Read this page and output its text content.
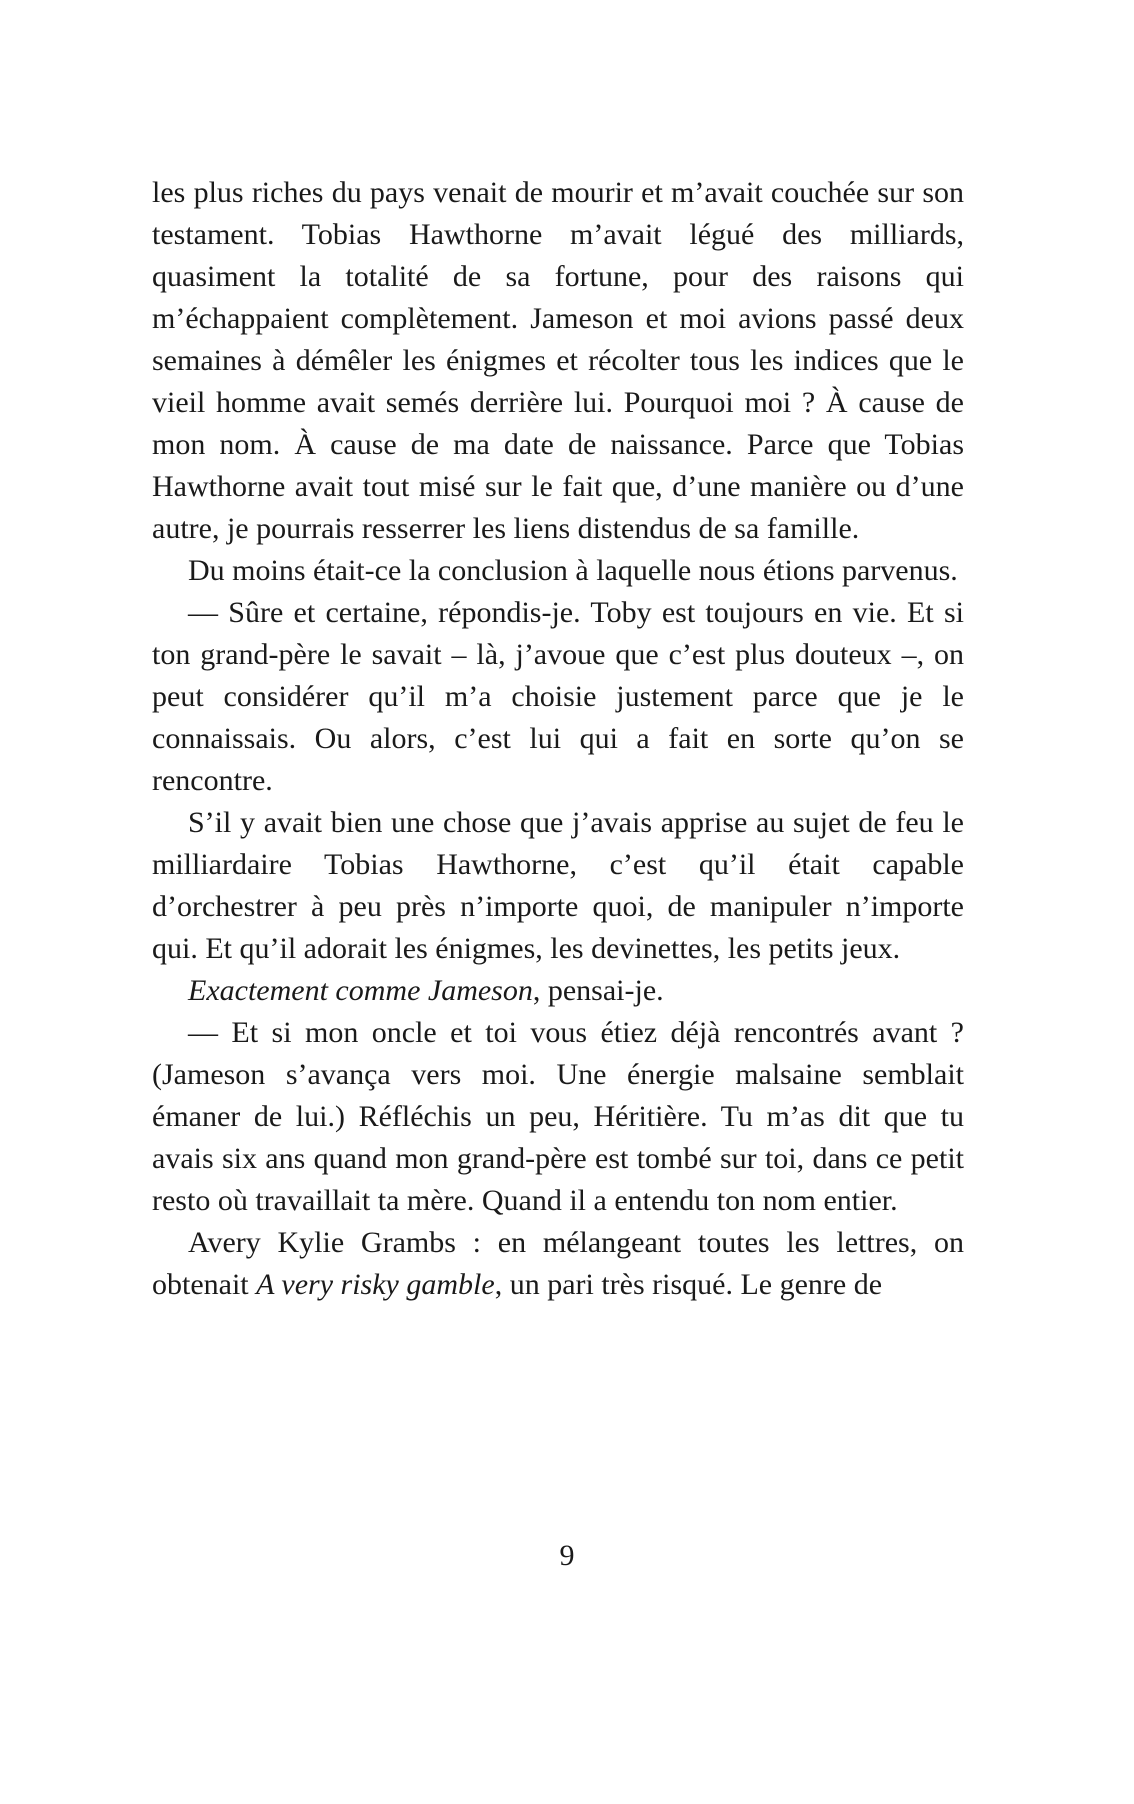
les plus riches du pays venait de mourir et m’avait couchée sur son testament. Tobias Hawthorne m’avait légué des milliards, quasiment la totalité de sa fortune, pour des raisons qui m’échappaient complètement. Jameson et moi avions passé deux semaines à démêler les énigmes et récolter tous les indices que le vieil homme avait semés derrière lui. Pourquoi moi ? À cause de mon nom. À cause de ma date de naissance. Parce que Tobias Hawthorne avait tout misé sur le fait que, d’une manière ou d’une autre, je pourrais resserrer les liens distendus de sa famille.

Du moins était-ce la conclusion à laquelle nous étions parvenus.

— Sûre et certaine, répondis-je. Toby est toujours en vie. Et si ton grand-père le savait – là, j’avoue que c’est plus douteux –, on peut considérer qu’il m’a choisie justement parce que je le connaissais. Ou alors, c’est lui qui a fait en sorte qu’on se rencontre.

S’il y avait bien une chose que j’avais apprise au sujet de feu le milliardaire Tobias Hawthorne, c’est qu’il était capable d’orchestrer à peu près n’importe quoi, de manipuler n’importe qui. Et qu’il adorait les énigmes, les devinettes, les petits jeux.

Exactement comme Jameson, pensai-je.

— Et si mon oncle et toi vous étiez déjà rencontrés avant ? (Jameson s’avança vers moi. Une énergie malsaine semblait émaner de lui.) Réfléchis un peu, Héritière. Tu m’as dit que tu avais six ans quand mon grand-père est tombé sur toi, dans ce petit resto où travaillait ta mère. Quand il a entendu ton nom entier.

Avery Kylie Grambs : en mélangeant toutes les lettres, on obtenait A very risky gamble, un pari très risqué. Le genre de

9
